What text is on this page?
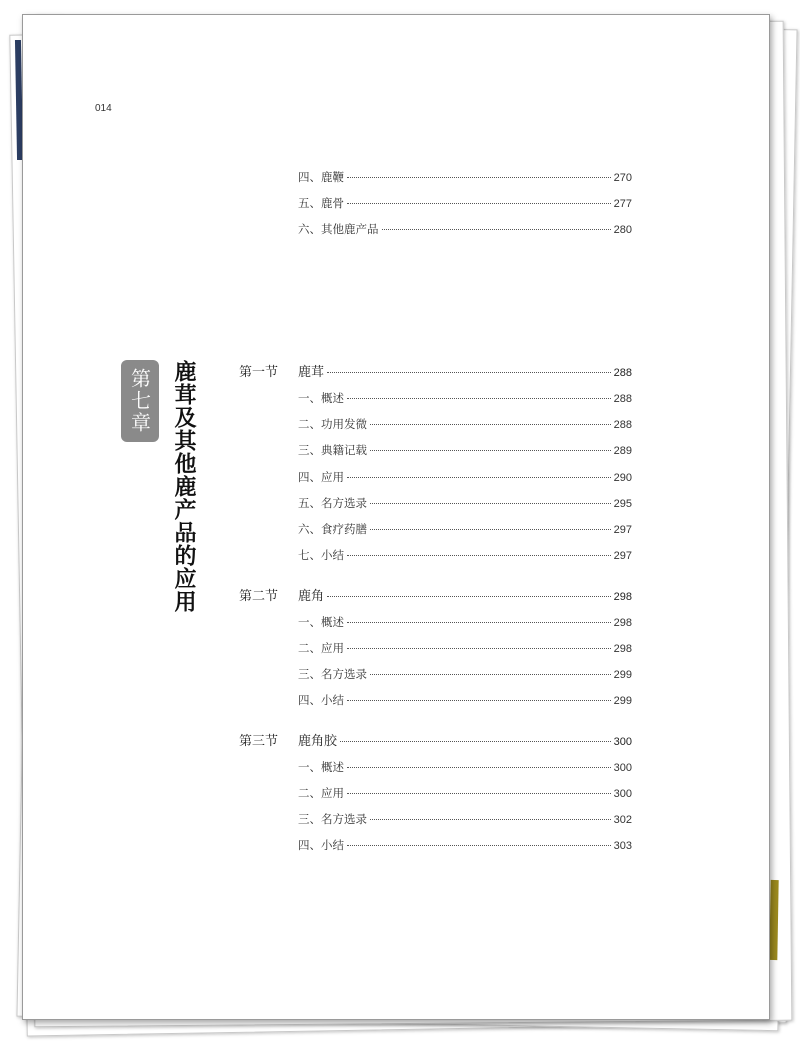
014
四、鹿鞭	270
五、鹿骨	277
六、其他鹿产品	280
第七章 鹿茸及其他鹿产品的应用	第一节 鹿茸	288
一、概述	288
二、功用发微	288
三、典籍记载	289
四、应用	290
五、名方选录	295
六、食疗药膳	297
七、小结	297
第二节 鹿角	298
一、概述	298
二、应用	298
三、名方选录	299
四、小结	299
第三节 鹿角胶	300
一、概述	300
二、应用	300
三、名方选录	302
四、小结	303
